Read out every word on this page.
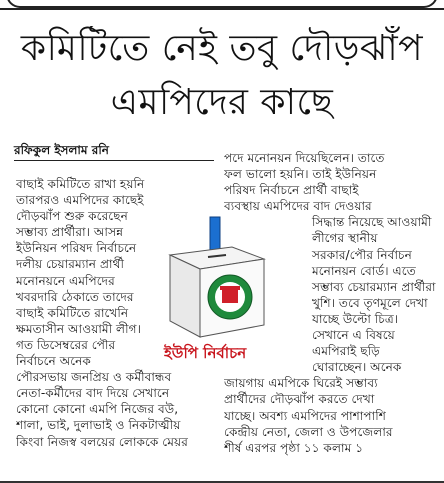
কমিটিতে নেই তবু দৌড়ঝাঁপ
এমপিদের কাছে
রফিকুল ইসলাম রনি
বাছাই কমিটিতে রাখা হয়নি
তারপরও এমপিদের কাছেই
দৌড়ঝাঁপ শুরু করেছেন
সম্ভাব্য প্রার্থীরা। আসন্ন
ইউনিয়ন পরিষদ নির্বাচনে
দলীয় চেয়ারম্যান প্রার্থী
মনোনয়নে এমপিদের
খবরদারি ঠেকাতে তাদের
বাছাই কমিটিতে রাখেনি
ক্ষমতাসীন আওয়ামী লীগ।
গত ডিসেম্বরের পৌর
নির্বাচনে অনেক
পৌরসভায় জনপ্রিয় ও কর্মীবান্ধব
নেতা-কর্মীদের বাদ দিয়ে সেখানে
কোনো কোনো এমপি নিজের বউ,
শালা, ভাই, দুলাভাই ও নিকটাত্মীয়
কিংবা নিজস্ব বলয়ের লোককে মেয়র
পদে মনোনয়ন দিয়েছিলেন। তাতে
ফল ভালো হয়নি। তাই ইউনিয়ন
পরিষদ নির্বাচনে প্রার্থী বাছাই
ব্যবস্থায় এমপিদের বাদ দেওয়ার
সিদ্ধান্ত নিয়েছে আওয়ামী
লীগের স্থানীয়
সরকার/পৌর নির্বাচন
মনোনয়ন বোর্ড। এতে
সম্ভাব্য চেয়ারম্যান প্রার্থীরা
খুশি। তবে তৃণমূলে দেখা
যাচ্ছে উল্টো চিত্র।
সেখানে এ বিষয়ে
এমপিরাই ছড়ি
ঘোরাচ্ছেন। অনেক
জায়গায় এমপিকে ঘিরেই সম্ভাব্য
প্রার্থীদের দৌড়ঝাঁপ করতে দেখা
যাচ্ছে। অবশ্য এমপিদের পাশাপাশি
কেন্দ্রীয় নেতা, জেলা ও উপজেলার
শীর্ষ এরপর পৃষ্ঠা ১১ কলাম ১
ইউপি নির্বাচন
